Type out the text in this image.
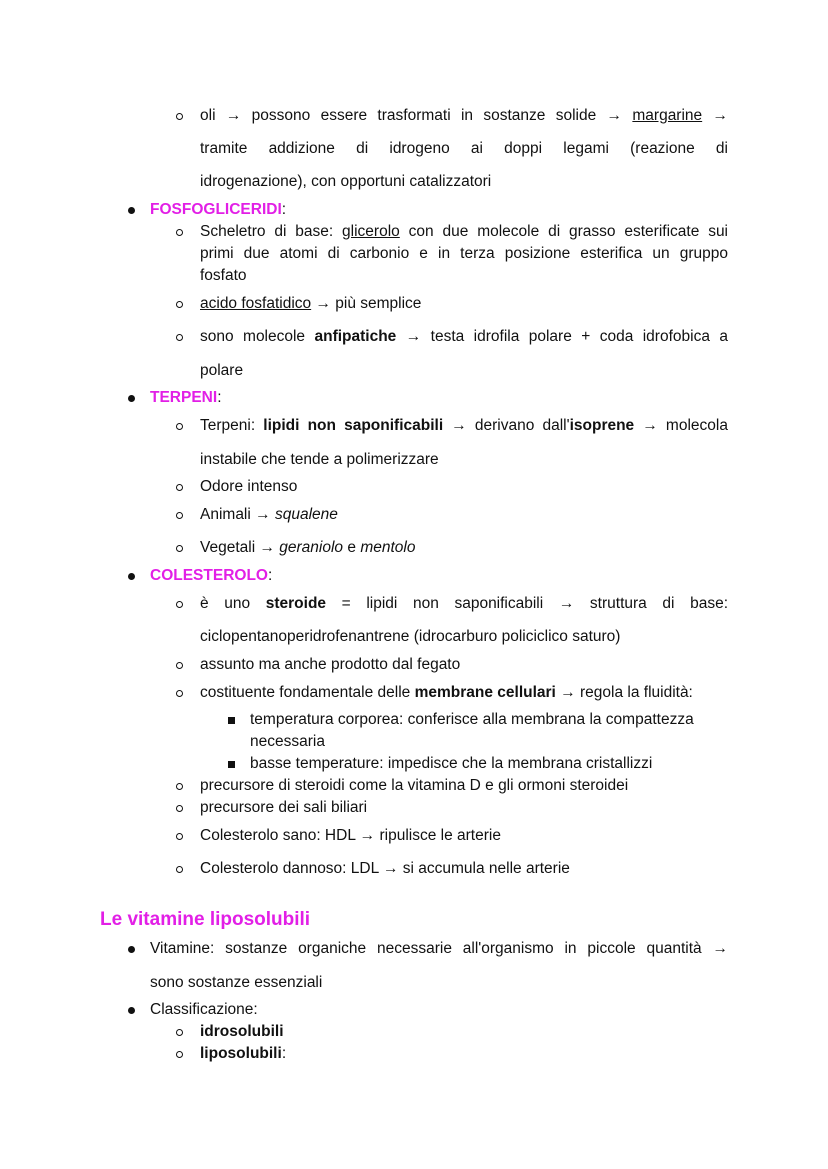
oli → possono essere trasformati in sostanze solide → margarine →
tramite addizione di idrogeno ai doppi legami (reazione di
idrogenazione), con opportuni catalizzatori
FOSFOGLICERIDI:
Scheletro di base: glicerolo con due molecole di grasso esterificate sui
primi due atomi di carbonio e in terza posizione esterifica un gruppo
fosfato
acido fosfatidico → più semplice
sono molecole anfipatiche → testa idrofila polare + coda idrofobica a
polare
TERPENI:
Terpeni: lipidi non saponificabili → derivano dall'isoprene → molecola
instabile che tende a polimerizzare
Odore intenso
Animali → squalene
Vegetali → geraniolo e mentolo
COLESTEROLO:
è uno steroide = lipidi non saponificabili → struttura di base:
ciclopentanoperidrofenantrene (idrocarburo policiclico saturo)
assunto ma anche prodotto dal fegato
costituente fondamentale delle membrane cellulari → regola la fluidità:
temperatura corporea: conferisce alla membrana la compattezza
necessaria
basse temperature: impedisce che la membrana cristallizzi
precursore di steroidi come la vitamina D e gli ormoni steroidei
precursore dei sali biliari
Colesterolo sano: HDL → ripulisce le arterie
Colesterolo dannoso: LDL → si accumula nelle arterie
Le vitamine liposolubili
Vitamine: sostanze organiche necessarie all'organismo in piccole quantità →
sono sostanze essenziali
Classificazione:
idrosolubili
liposolubili:
